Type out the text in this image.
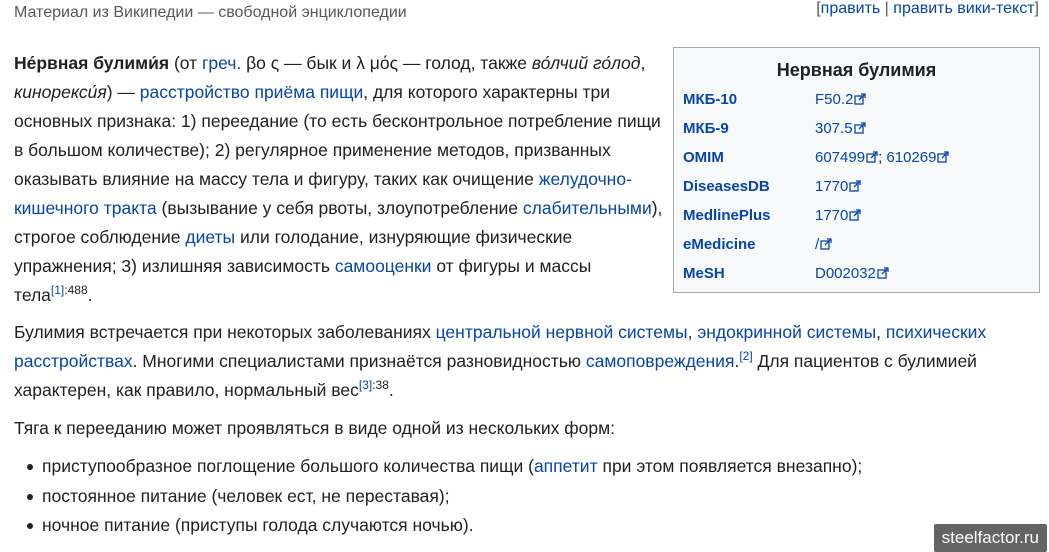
Материал из Википедии — свободной энциклопедии	[править | править вики-текст]
Не́рвная булими́я (от греч. βο ς — бык и λ μός — голод, также во́лчий го́лод, кинорекси́я) — расстройство приёма пищи, для которого характерны три основных признака: 1) переедание (то есть бесконтрольное потребление пищи в большом количестве); 2) регулярное применение методов, призванных оказывать влияние на массу тела и фигуру, таких как очищение желудочно-кишечного тракта (вызывание у себя рвоты, злоупотребление слабительными), строгое соблюдение диеты или голодание, изнуряющие физические упражнения; 3) излишняя зависимость самооценки от фигуры и массы тела$^{[1]:488}$.
Нервная булимия
МКБ-10	F50.2
МКБ-9	307.5
OMIM	607499 ; 610269
DiseasesDB	1770
MedlinePlus	1770
eMedicine	/
MeSH	D002032
Булимия встречается при некоторых заболеваниях центральной нервной системы, эндокринной системы, психических расстройствах. Многими специалистами признаётся разновидностью самоповреждения.[2] Для пациентов с булимией характерен, как правило, нормальный вес$^{[3]:38}$.
Тяга к перееданию может проявляться в виде одной из нескольких форм:
приступообразное поглощение большого количества пищи (аппетит при этом появляется внезапно);
постоянное питание (человек ест, не переставая);
ночное питание (приступы голода случаются ночью).
steelfactor.ru
